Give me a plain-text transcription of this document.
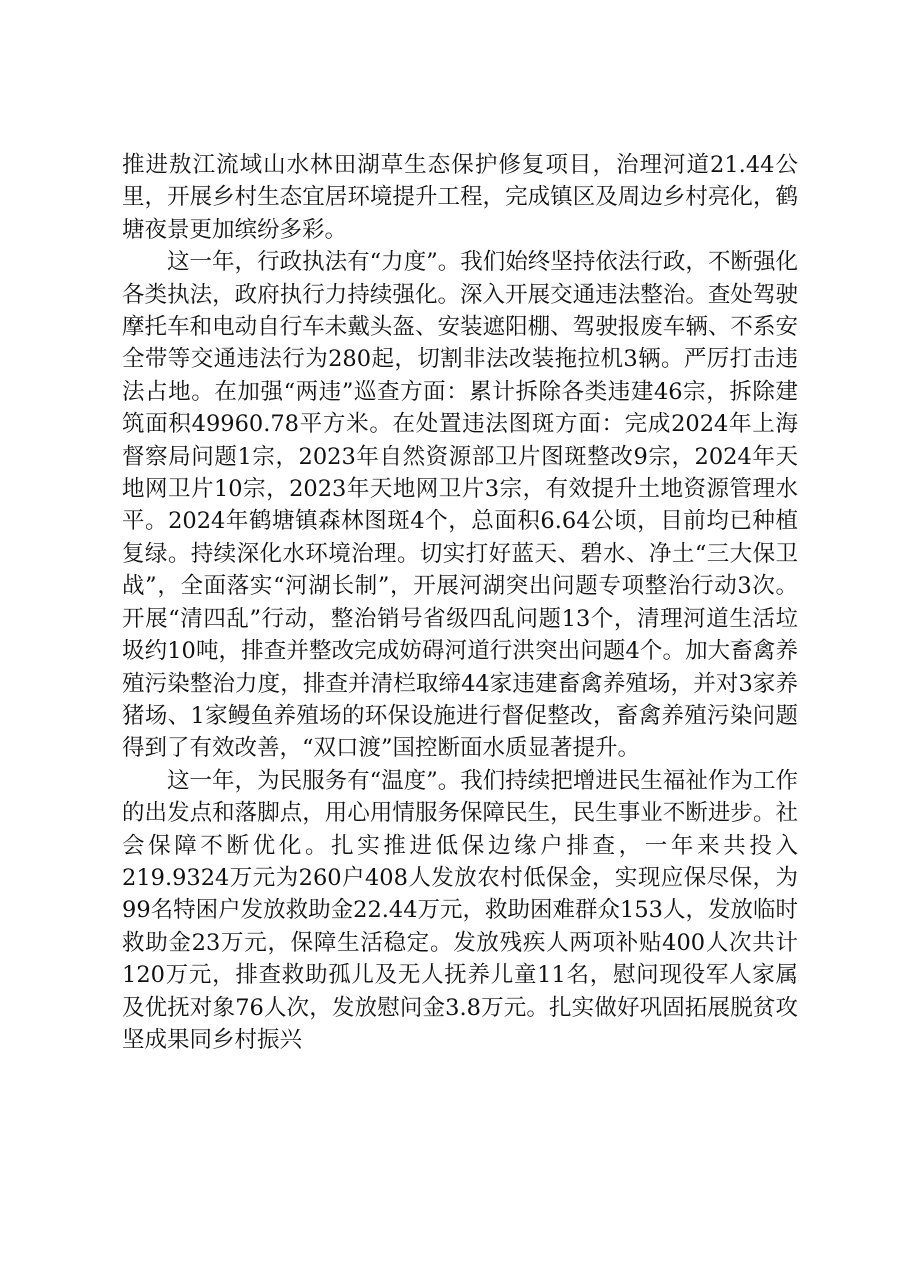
推进敖江流域山水林田湖草生态保护修复项目，治理河道21.44公里，开展乡村生态宜居环境提升工程，完成镇区及周边乡村亮化，鹤塘夜景更加缤纷多彩。

这一年，行政执法有“力度”。我们始终坚持依法行政，不断强化各类执法，政府执行力持续强化。深入开展交通违法整治。查处驾驶摩托车和电动自行车未戴头盔、安装遮阳棚、驾驶报废车辆、不系安全带等交通违法行为280起，切割非法改装拖拉机3辆。严厉打击违法占地。在加强“两违”巡查方面：累计拆除各类违建46宗，拆除建筑面积49960.78平方米。在处置违法图斑方面：完成2024年上海督察局问题1宗，2023年自然资源部卫片图斑整改9宗，2024年天地网卫片10宗，2023年天地网卫片3宗，有效提升土地资源管理水平。2024年鹤塘镇森林图斑4个，总面积6.64公顷，目前均已种植复绿。持续深化水环境治理。切实打好蓝天、碧水、净土“三大保卫战”，全面落实“河湖长制”，开展河湖突出问题专项整治行动3次。开展“清四乱”行动，整治销号省级四乱问题13个，清理河道生活垃圾约10吨，排查并整改完成妨碍河道行洪突出问题4个。加大畜禽养殖污染整治力度，排查并清栏取缔44家违建畜禽养殖场，并对3家养猪场、1家鳗鱼养殖场的环保设施进行督促整改，畜禽养殖污染问题得到了有效改善，“双口渡”国控断面水质显著提升。

这一年，为民服务有“温度”。我们持续把增进民生福祉作为工作的出发点和落脚点，用心用情服务保障民生，民生事业不断进步。社会保障不断优化。扎实推进低保边缘户排查，一年来共投入219.9324万元为260户408人发放农村低保金，实现应保尽保，为99名特困户发放救助金22.44万元，救助困难群众153人，发放临时救助金23万元，保障生活稳定。发放残疾人两项补贴400人次共计120万元，排查救助孤儿及无人抚养儿童11名，慰问现役军人家属及优抚对象76人次，发放慰问金3.8万元。扎实做好巩固拓展脱贫攻坚成果同乡村振兴
